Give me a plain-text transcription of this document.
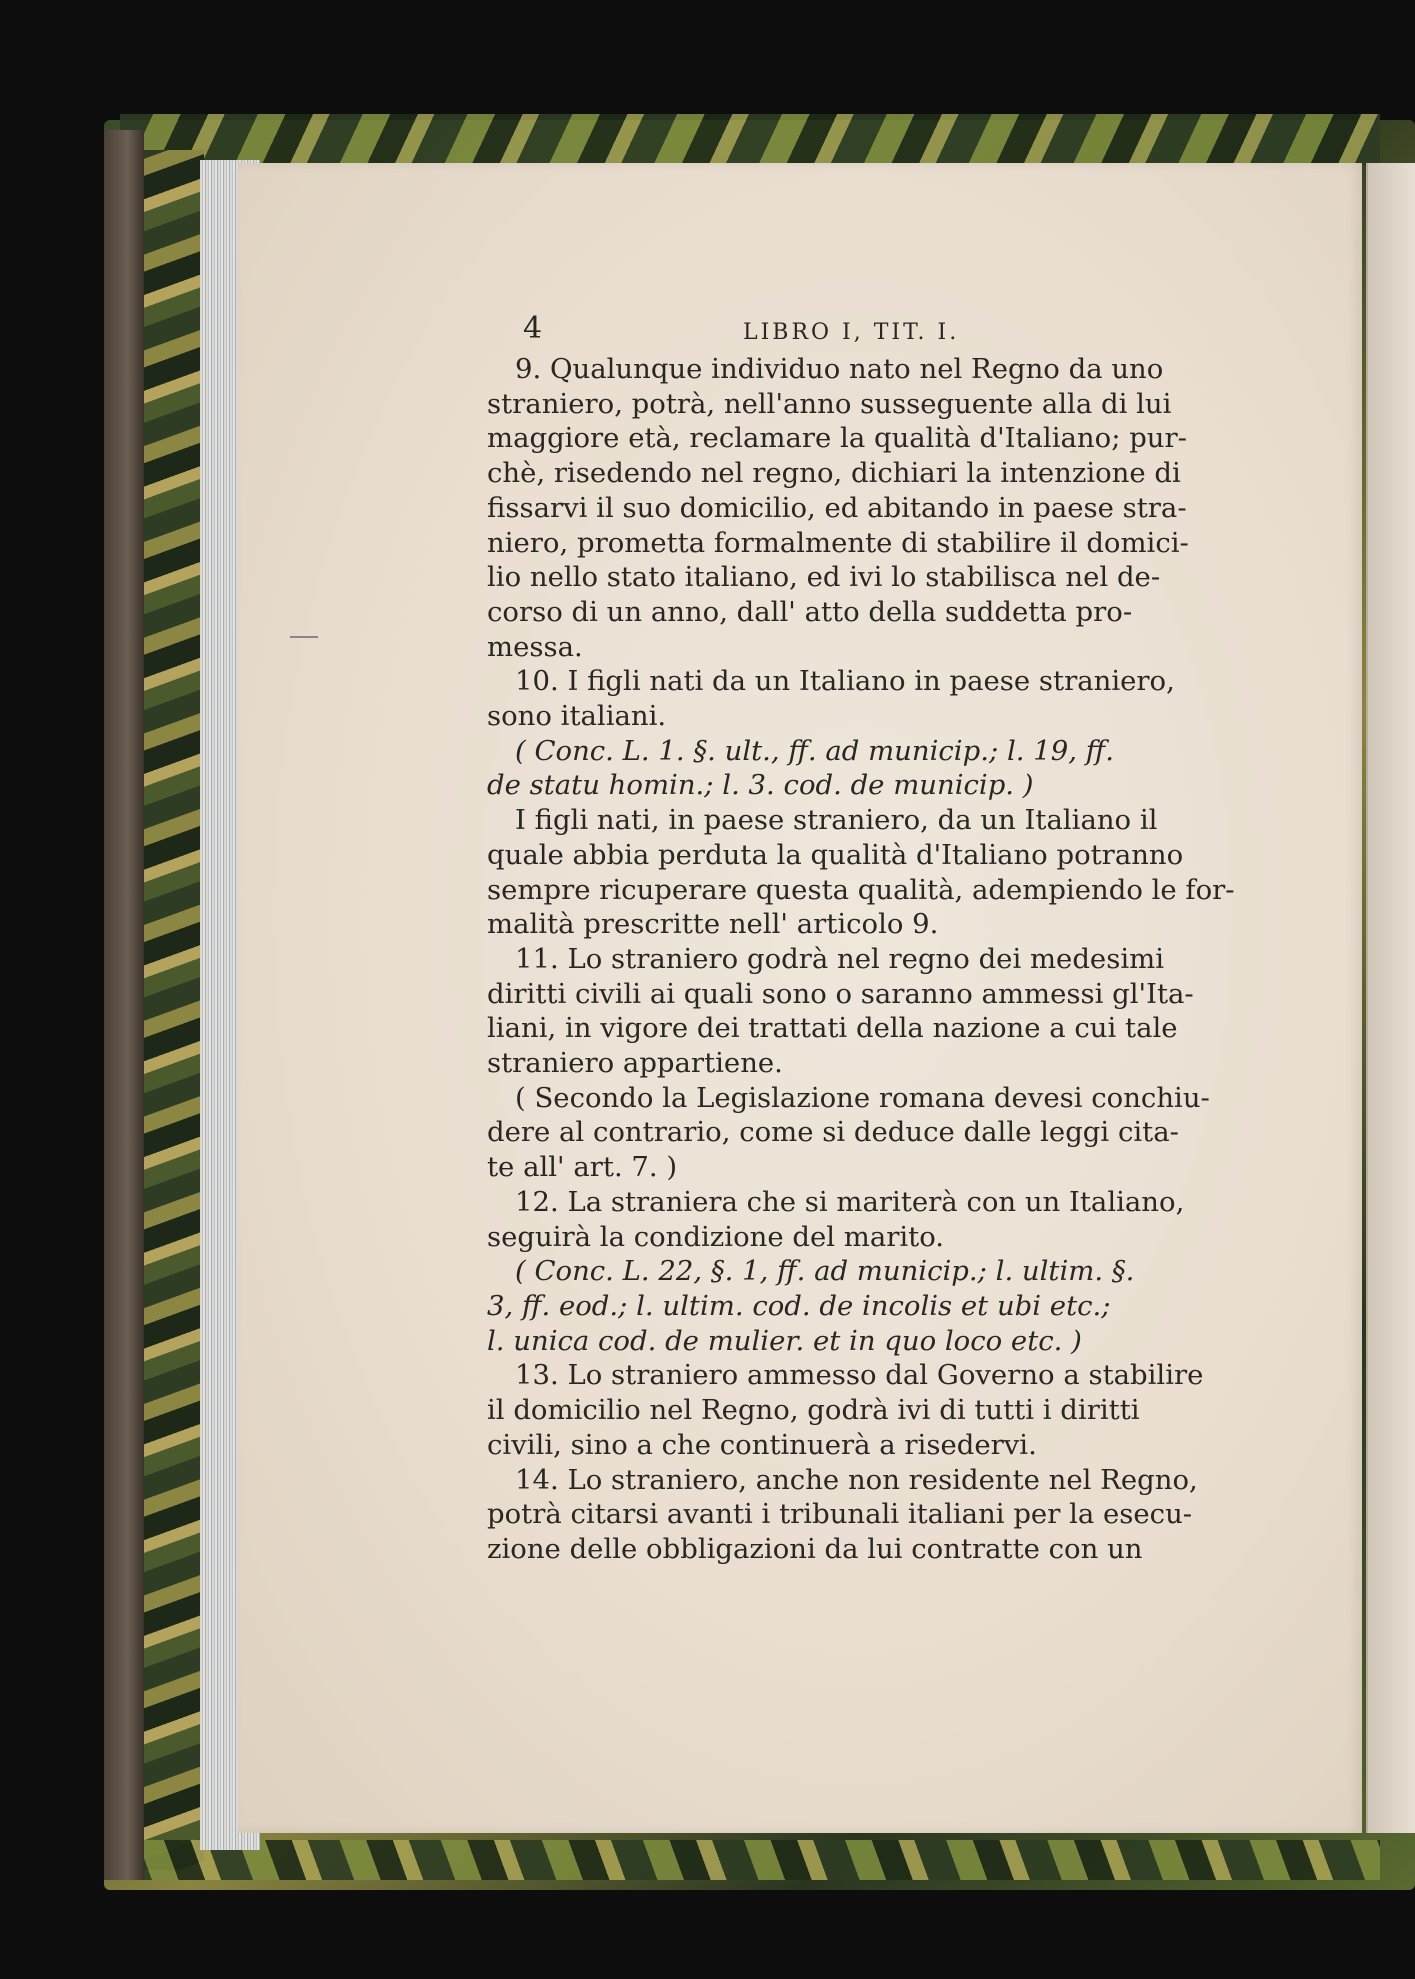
4	LIBRO I, TIT. I.
9. Qualunque individuo nato nel Regno da uno
straniero, potrà, nell'anno susseguente alla di lui
maggiore età, reclamare la qualità d'Italiano; pur-
chè, risedendo nel regno, dichiari la intenzione di
fissarvi il suo domicilio, ed abitando in paese stra-
niero, prometta formalmente di stabilire il domici-
lio nello stato italiano, ed ivi lo stabilisca nel de-
corso di un anno, dall' atto della suddetta pro-
messa.
10. I figli nati da un Italiano in paese straniero,
sono italiani.
( Conc. L. 1. §. ult., ff. ad municip.; l. 19, ff.
de statu homin.; l. 3. cod. de municip. )
I figli nati, in paese straniero, da un Italiano il
quale abbia perduta la qualità d'Italiano potranno
sempre ricuperare questa qualità, adempiendo le for-
malità prescritte nell' articolo 9.
11. Lo straniero godrà nel regno dei medesimi
diritti civili ai quali sono o saranno ammessi gl'Ita-
liani, in vigore dei trattati della nazione a cui tale
straniero appartiene.
( Secondo la Legislazione romana devesi conchiu-
dere al contrario, come si deduce dalle leggi cita-
te all' art. 7. )
12. La straniera che si mariterà con un Italiano,
seguirà la condizione del marito.
( Conc. L. 22, §. 1, ff. ad municip.; l. ultim. §.
3, ff. eod.; l. ultim. cod. de incolis et ubi etc.;
l. unica cod. de mulier. et in quo loco etc. )
13. Lo straniero ammesso dal Governo a stabilire
il domicilio nel Regno, godrà ivi di tutti i diritti
civili, sino a che continuerà a risedervi.
14. Lo straniero, anche non residente nel Regno,
potrà citarsi avanti i tribunali italiani per la esecu-
zione delle obbligazioni da lui contratte con un
